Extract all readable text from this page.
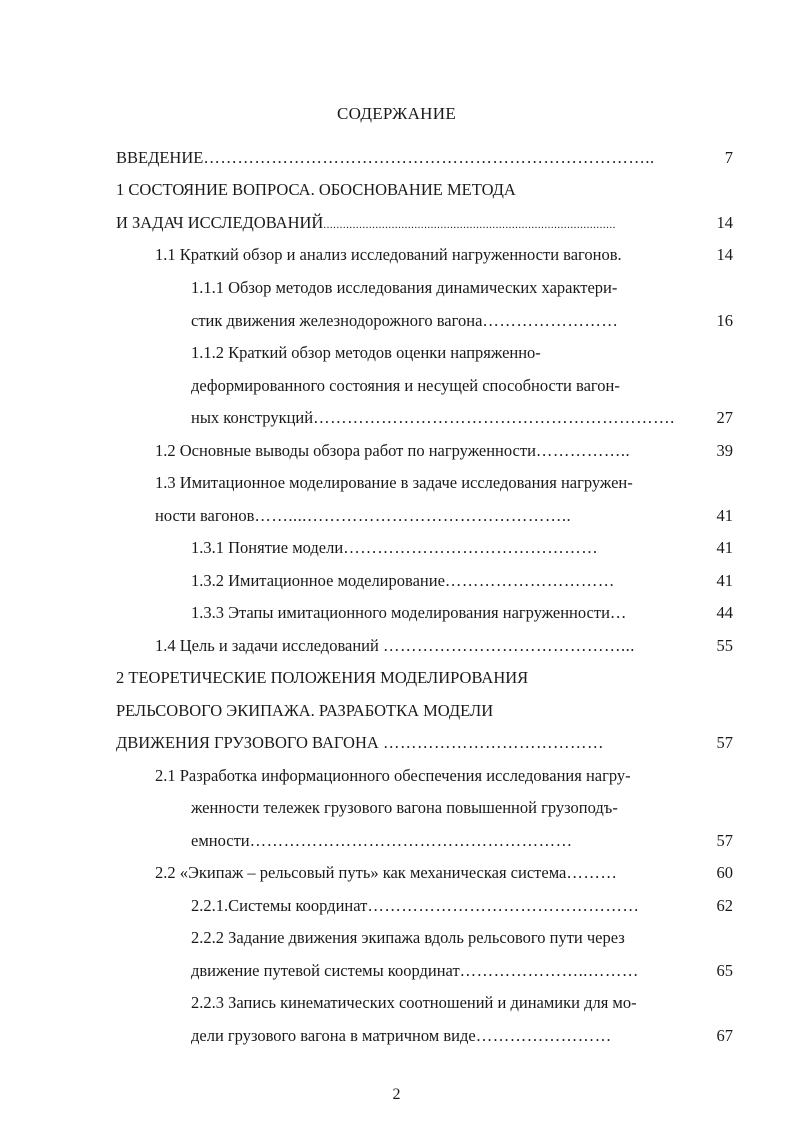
СОДЕРЖАНИЕ
ВВЕДЕНИЕ……………………………………………………………………..	7
1 СОСТОЯНИЕ ВОПРОСА. ОБОСНОВАНИЕ МЕТОДА
И ЗАДАЧ ИССЛЕДОВАНИЙ..........................................................................................	14
1.1 Краткий обзор и анализ исследований нагруженности вагонов.	14
1.1.1 Обзор методов исследования динамических характери-
стик движения железнодорожного вагона……………………	16
1.1.2 Краткий обзор методов оценки напряженно-
деформированного состояния и несущей способности вагон-
ных конструкций……………………………………………………….	27
1.2 Основные выводы обзора работ по нагруженности……………..	39
1.3 Имитационное моделирование в задаче исследования нагружен-
ности вагонов……....………………………………………..	41
1.3.1 Понятие модели………………………………………	41
1.3.2 Имитационное моделирование…………………………	41
1.3.3 Этапы имитационного моделирования нагруженности…	44
1.4 Цель и задачи исследований ……………………………………...	55
2 ТЕОРЕТИЧЕСКИЕ ПОЛОЖЕНИЯ МОДЕЛИРОВАНИЯ
РЕЛЬСОВОГО ЭКИПАЖА. РАЗРАБОТКА МОДЕЛИ
ДВИЖЕНИЯ ГРУЗОВОГО ВАГОНА …………………………………	57
2.1 Разработка информационного обеспечения исследования нагру-
женности тележек грузового вагона повышенной грузоподъ-
емности…………………………………………………	57
2.2 «Экипаж – рельсовый путь» как механическая система………	60
2.2.1.Системы координат…………………………………………	62
2.2.2 Задание движения экипажа вдоль рельсового пути через
движение путевой системы координат…………………..………	65
2.2.3 Запись кинематических соотношений и динамики для мо-
дели грузового вагона в матричном виде……………………	67
2
